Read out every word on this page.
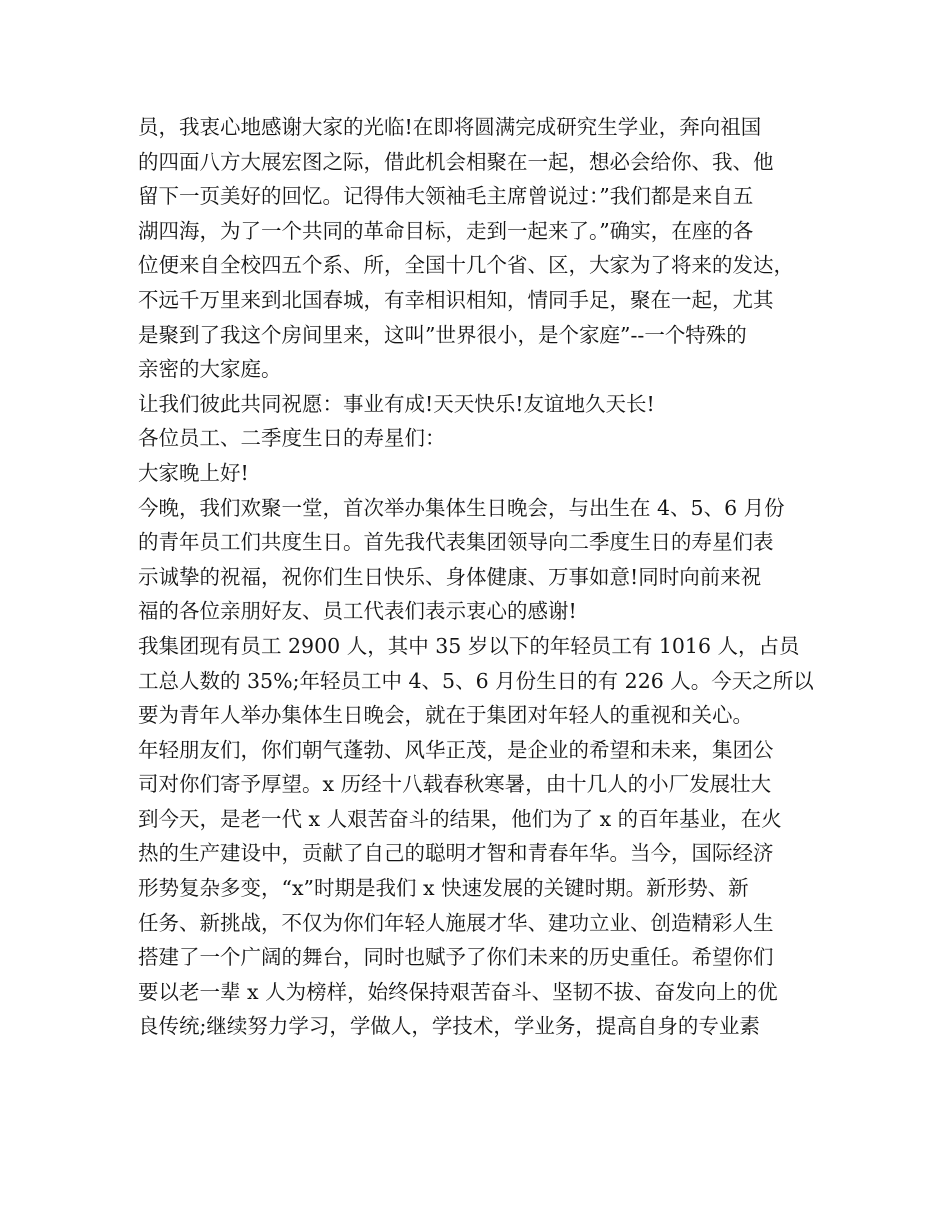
员，我衷心地感谢大家的光临!在即将圆满完成研究生学业，奔向祖国
的四面八方大展宏图之际，借此机会相聚在一起，想必会给你、我、他
留下一页美好的回忆。记得伟大领袖毛主席曾说过：”我们都是来自五
湖四海，为了一个共同的革命目标，走到一起来了。”确实，在座的各
位便来自全校四五个系、所，全国十几个省、区，大家为了将来的发达，
不远千万里来到北国春城，有幸相识相知，情同手足，聚在一起，尤其
是聚到了我这个房间里来，这叫”世界很小，是个家庭”--一个特殊的
亲密的大家庭。
让我们彼此共同祝愿：事业有成!天天快乐!友谊地久天长!
各位员工、二季度生日的寿星们：
大家晚上好!
今晚，我们欢聚一堂，首次举办集体生日晚会，与出生在 4、5、6 月份
的青年员工们共度生日。首先我代表集团领导向二季度生日的寿星们表
示诚挚的祝福，祝你们生日快乐、身体健康、万事如意!同时向前来祝
福的各位亲朋好友、员工代表们表示衷心的感谢!
我集团现有员工 2900 人，其中 35 岁以下的年轻员工有 1016 人，占员
工总人数的 35%;年轻员工中 4、5、6 月份生日的有 226 人。今天之所以
要为青年人举办集体生日晚会，就在于集团对年轻人的重视和关心。
年轻朋友们，你们朝气蓬勃、风华正茂，是企业的希望和未来，集团公
司对你们寄予厚望。x 历经十八载春秋寒暑，由十几人的小厂发展壮大
到今天，是老一代 x 人艰苦奋斗的结果，他们为了 x 的百年基业，在火
热的生产建设中，贡献了自己的聪明才智和青春年华。当今，国际经济
形势复杂多变，“x”时期是我们 x 快速发展的关键时期。新形势、新
任务、新挑战，不仅为你们年轻人施展才华、建功立业、创造精彩人生
搭建了一个广阔的舞台，同时也赋予了你们未来的历史重任。希望你们
要以老一辈 x 人为榜样，始终保持艰苦奋斗、坚韧不拔、奋发向上的优
良传统;继续努力学习，学做人，学技术，学业务，提高自身的专业素
